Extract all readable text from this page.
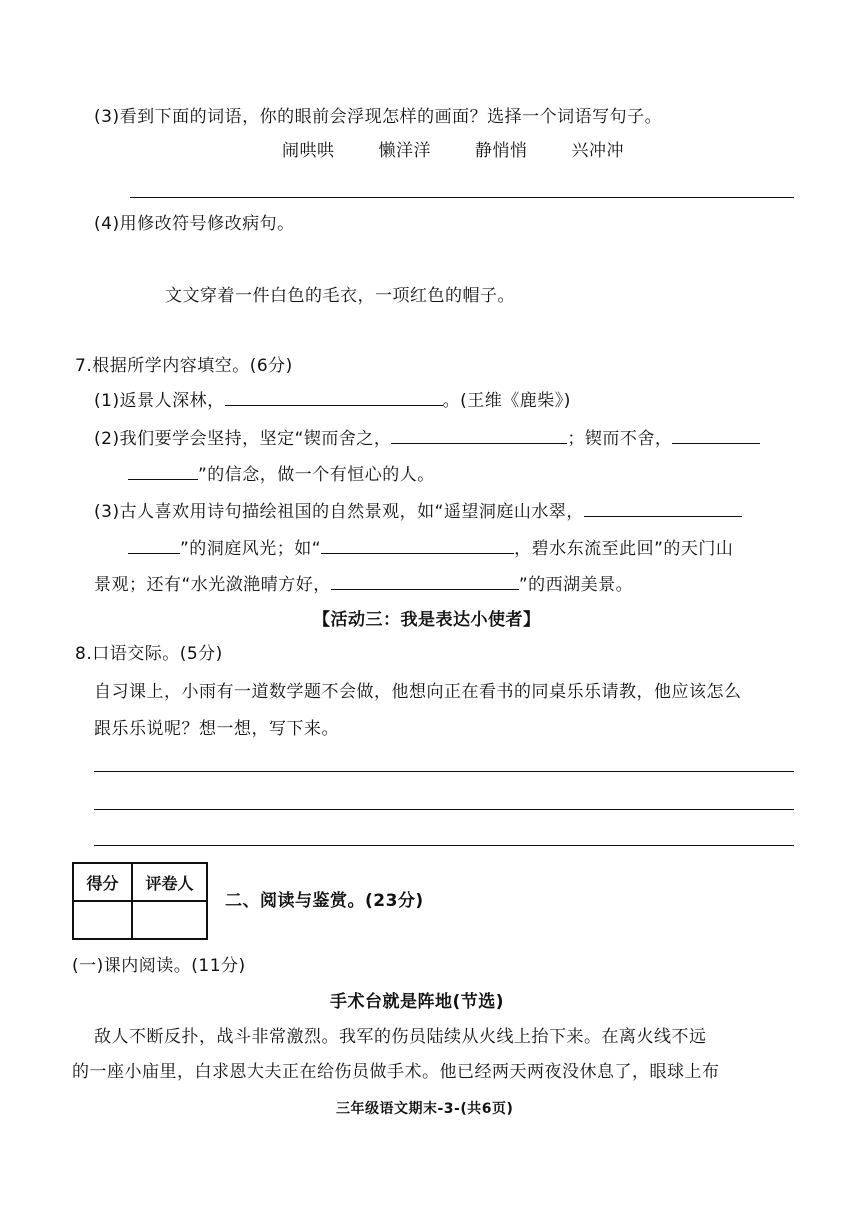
(3)看到下面的词语，你的眼前会浮现怎样的画面？选择一个词语写句子。
闹哄哄	懒洋洋	静悄悄	兴冲冲
(4)用修改符号修改病句。
文文穿着一件白色的毛衣，一项红色的帽子。
7.根据所学内容填空。(6分)
(1)返景人深林，	。(王维《鹿柴》)
(2)我们要学会坚持，坚定“锲而舍之，	；锲而不舍，
”的信念，做一个有恒心的人。
(3)古人喜欢用诗句描绘祖国的自然景观，如“遥望洞庭山水翠，
”的洞庭风光；如“	，碧水东流至此回”的天门山
景观；还有“水光潋滟晴方好，	”的西湖美景。
【活动三：我是表达小使者】
8.口语交际。(5分)
自习课上，小雨有一道数学题不会做，他想向正在看书的同桌乐乐请教，他应该怎么
跟乐乐说呢？想一想，写下来。
得分	评卷人

二、阅读与鉴赏。(23分)
(一)课内阅读。(11分)
手术台就是阵地(节选)
敌人不断反扑，战斗非常激烈。我军的伤员陆续从火线上抬下来。在离火线不远
的一座小庙里，白求恩大夫正在给伤员做手术。他已经两天两夜没休息了，眼球上布
三年级语文期末-3-(共6页)
